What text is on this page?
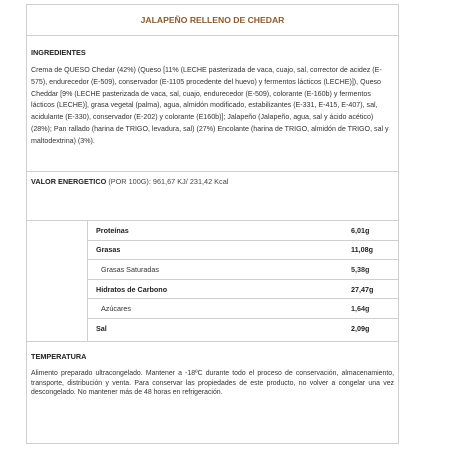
JALAPEÑO RELLENO DE CHEDAR
INGREDIENTES
Crema de QUESO Chedar (42%) (Queso [11% (LECHE pasterizada de vaca, cuajo, sal, corrector de acidez (E-575), endurecedor (E-509), conservador (E-1105 procedente del huevo) y fermentos lácticos (LECHE)]), Queso Cheddar [9% (LECHE pasterizada de vaca, sal, cuajo, endurecedor (E-509), colorante (E-160b) y fermentos lácticos (LECHE)], grasa vegetal (palma), agua, almidón modificado, estabilizantes (E-331, E-415, E-407), sal, acidulante (E-330), conservador (E-202) y colorante (E160b)]; Jalapeño (Jalapeño, agua, sal y ácido acético) (28%); Pan rallado (harina de TRIGO, levadura, sal) (27%) Encolante (harina de TRIGO, almidón de TRIGO, sal y maltodextrina) (3%).
VALOR ENERGETICO (POR 100G): 961,67 KJ/ 231,42 Kcal
Proteínas	6,01g
Grasas	11,08g
Grasas Saturadas	5,38g
Hidratos de Carbono	27,47g
Azúcares	1,64g
Sal	2,09g
TEMPERATURA
Alimento preparado ultracongelado. Mantener a -18ºC durante todo el proceso de conservación, almacenamiento, transporte, distribución y venta. Para conservar las propiedades de este producto, no volver a congelar una vez descongelado. No mantener más de 48 horas en refrigeración.
